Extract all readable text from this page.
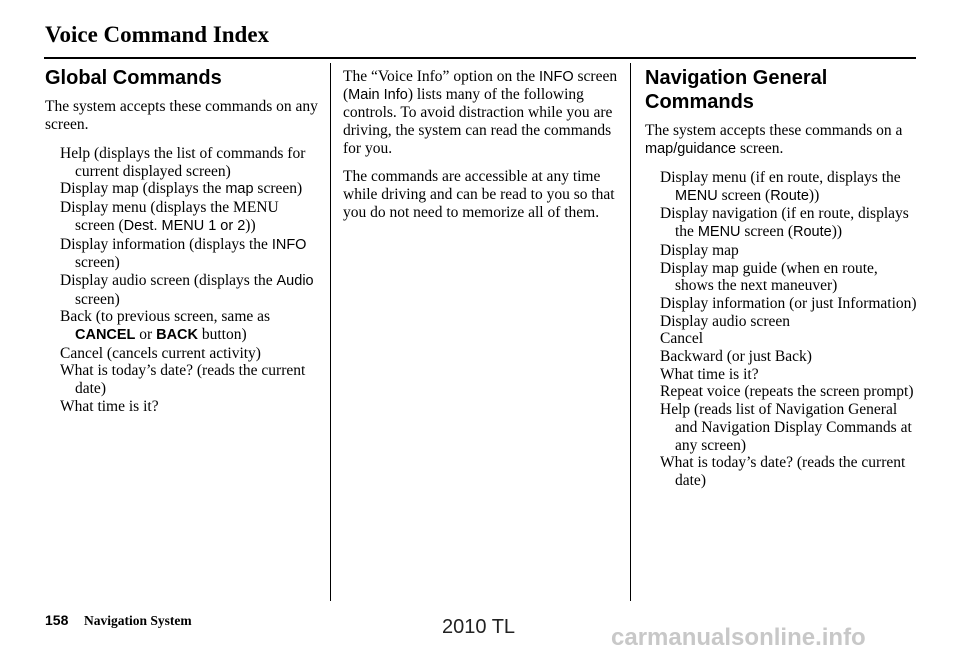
Voice Command Index
Global Commands

The system accepts these commands on any screen.

Help (displays the list of commands for current displayed screen)
Display map (displays the map screen)
Display menu (displays the MENU screen (Dest. MENU 1 or 2))
Display information (displays the INFO screen)
Display audio screen (displays the Audio screen)
Back (to previous screen, same as CANCEL or BACK button)
Cancel (cancels current activity)
What is today’s date? (reads the current date)
What time is it?

The “Voice Info” option on the INFO screen (Main Info) lists many of the following controls. To avoid distraction while you are driving, the system can read the commands for you.

The commands are accessible at any time while driving and can be read to you so that you do not need to memorize all of them.

Navigation General Commands

The system accepts these commands on a map/guidance screen.

Display menu (if en route, displays the MENU screen (Route))
Display navigation (if en route, displays the MENU screen (Route))
Display map
Display map guide (when en route, shows the next maneuver)
Display information (or just Information)
Display audio screen
Cancel
Backward (or just Back)
What time is it?
Repeat voice (repeats the screen prompt)
Help (reads list of Navigation General and Navigation Display Commands at any screen)
What is today’s date? (reads the current date)
158 Navigation System	2010 TL	carmanualsonline.info
